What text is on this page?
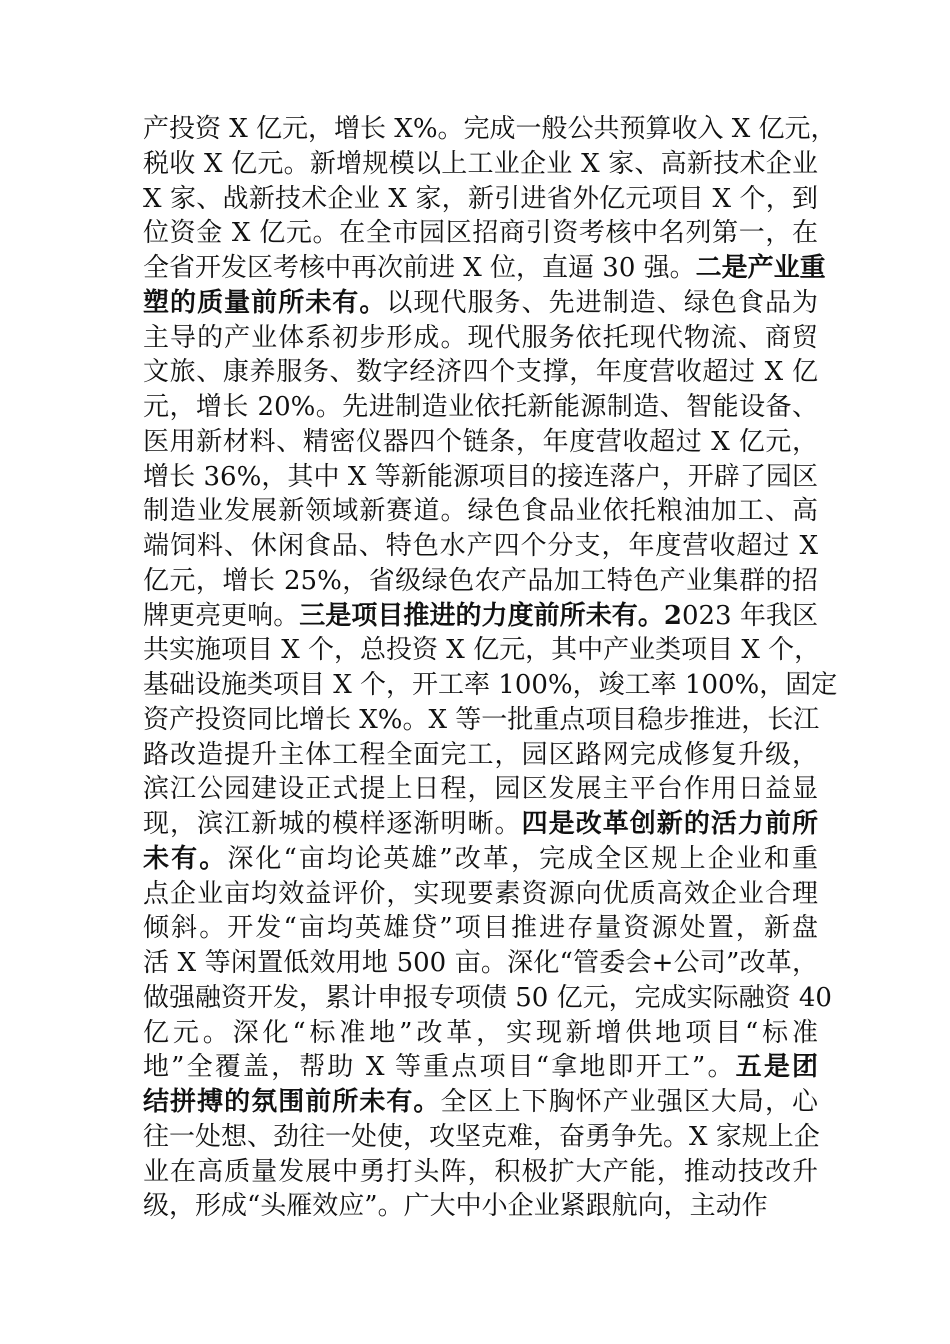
产投资 X 亿元，增长 X%。完成一般公共预算收入 X 亿元，
税收 X 亿元。新增规模以上工业企业 X 家、高新技术企业
X 家、战新技术企业 X 家，新引进省外亿元项目 X 个，到
位资金 X 亿元。在全市园区招商引资考核中名列第一，在
全省开发区考核中再次前进 X 位，直逼 30 强。二是产业重
塑的质量前所未有。以现代服务、先进制造、绿色食品为
主导的产业体系初步形成。现代服务依托现代物流、商贸
文旅、康养服务、数字经济四个支撑，年度营收超过 X 亿
元，增长 20%。先进制造业依托新能源制造、智能设备、
医用新材料、精密仪器四个链条，年度营收超过 X 亿元，
增长 36%，其中 X 等新能源项目的接连落户，开辟了园区
制造业发展新领域新赛道。绿色食品业依托粮油加工、高
端饲料、休闲食品、特色水产四个分支，年度营收超过 X
亿元，增长 25%，省级绿色农产品加工特色产业集群的招
牌更亮更响。三是项目推进的力度前所未有。2023 年我区
共实施项目 X 个，总投资 X 亿元，其中产业类项目 X 个，
基础设施类项目 X 个，开工率 100%，竣工率 100%，固定
资产投资同比增长 X%。X 等一批重点项目稳步推进，长江
路改造提升主体工程全面完工，园区路网完成修复升级，
滨江公园建设正式提上日程，园区发展主平台作用日益显
现，滨江新城的模样逐渐明晰。四是改革创新的活力前所
未有。深化“亩均论英雄”改革，完成全区规上企业和重
点企业亩均效益评价，实现要素资源向优质高效企业合理
倾斜。开发“亩均英雄贷”项目推进存量资源处置，新盘
活 X 等闲置低效用地 500 亩。深化“管委会+公司”改革，
做强融资开发，累计申报专项债 50 亿元，完成实际融资 40
亿元。深化“标准地”改革，实现新增供地项目“标准
地”全覆盖，帮助 X 等重点项目“拿地即开工”。五是团
结拼搏的氛围前所未有。全区上下胸怀产业强区大局，心
往一处想、劲往一处使，攻坚克难，奋勇争先。X 家规上企
业在高质量发展中勇打头阵，积极扩大产能，推动技改升
级，形成“头雁效应”。广大中小企业紧跟航向，主动作
